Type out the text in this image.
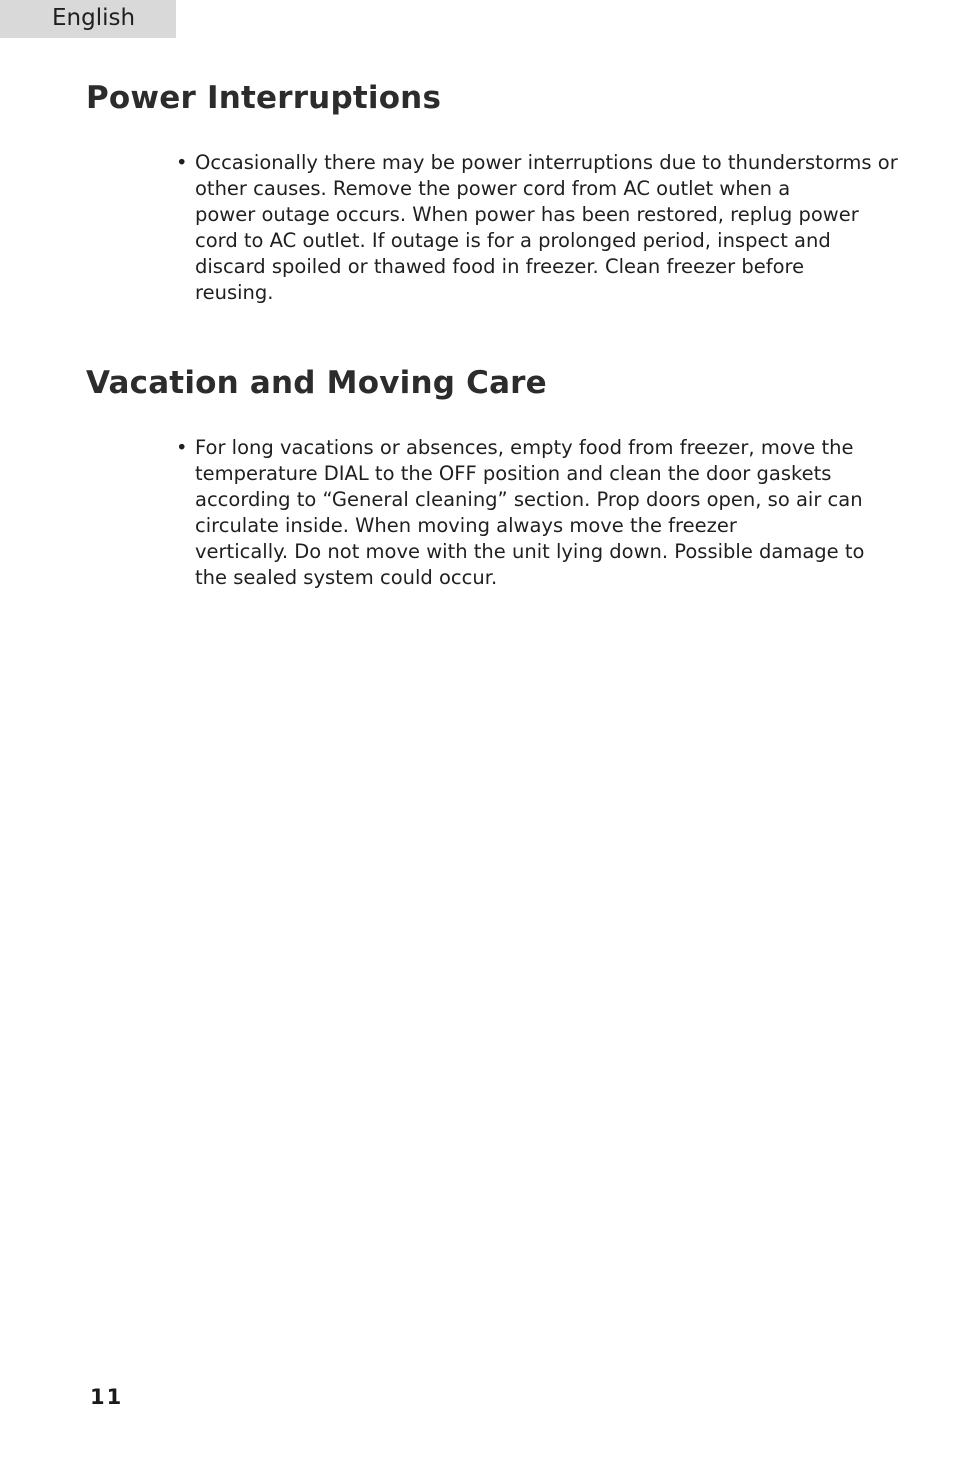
English
Power Interruptions
• Occasionally there may be power interruptions due to thunderstorms or
other causes. Remove the power cord from AC outlet when a
power outage occurs. When power has been restored, replug power
cord to AC outlet. If outage is for a prolonged period, inspect and
discard spoiled or thawed food in freezer. Clean freezer before
reusing.
Vacation and Moving Care
• For long vacations or absences, empty food from freezer, move the
temperature DIAL to the OFF position and clean the door gaskets
according to “General cleaning” section. Prop doors open, so air can
circulate inside. When moving always move the freezer
vertically. Do not move with the unit lying down. Possible damage to
the sealed system could occur.
11
